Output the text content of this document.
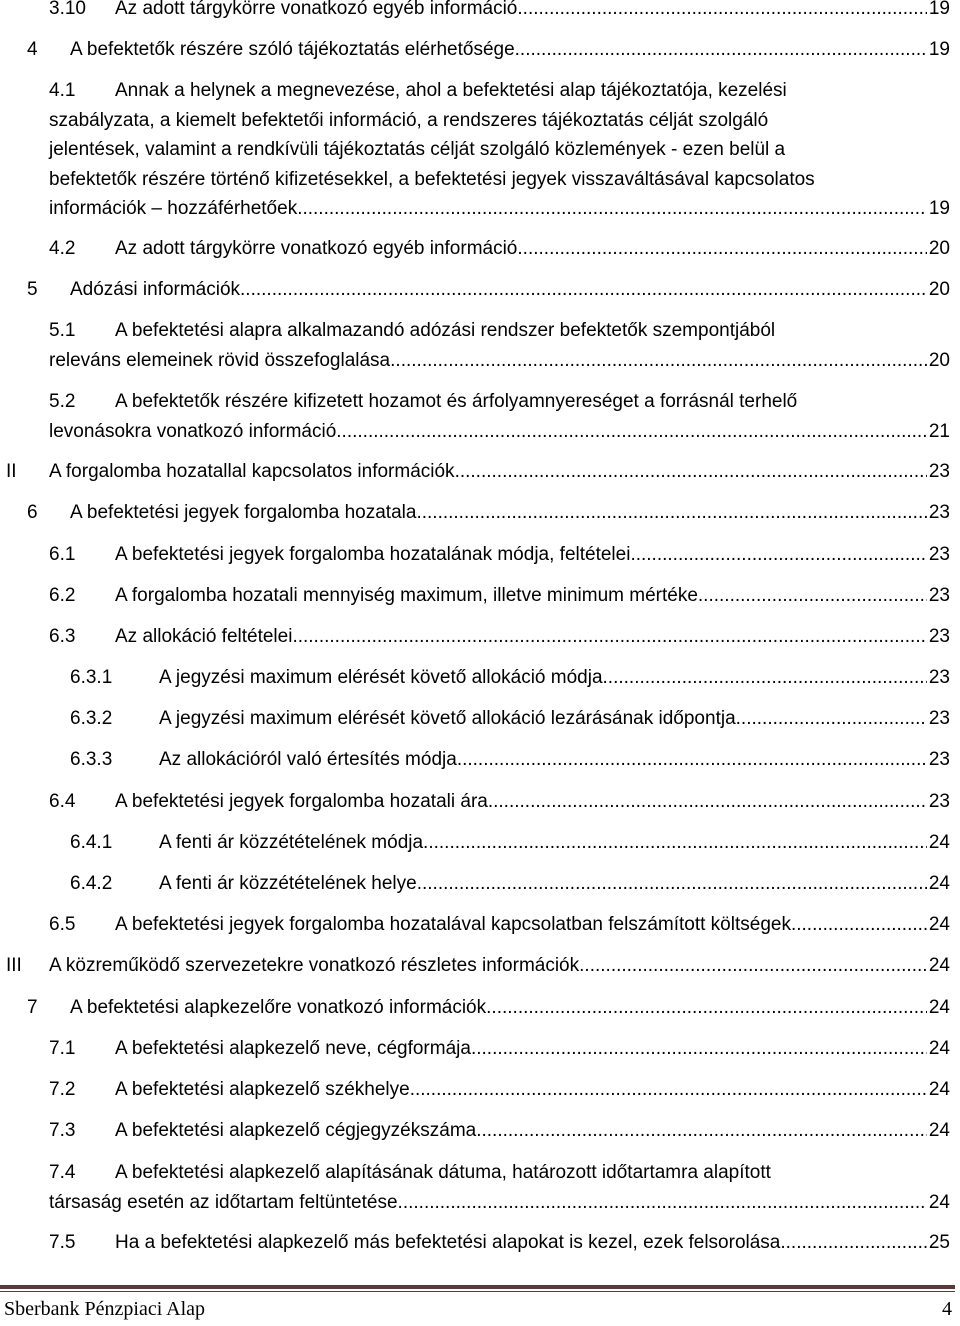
3.10 Az adott tárgykörre vonatkozó egyéb információ .....	19
4 A befektetők részére szóló tájékoztatás elérhetősége .....	19
4.1 Annak a helynek a megnevezése, ahol a befektetési alap tájékoztatója, kezelési
szabályzata, a kiemelt befektetői információ, a rendszeres tájékoztatás célját szolgáló
jelentések, valamint a rendkívüli tájékoztatás célját szolgáló közlemények - ezen belül a
befektetők részére történő kifizetésekkel, a befektetési jegyek visszaváltásával kapcsolatos
információk – hozzáférhetőek .....	19
4.2 Az adott tárgykörre vonatkozó egyéb információ .....	20
5 Adózási információk .....	20
5.1 A befektetési alapra alkalmazandó adózási rendszer befektetők szempontjából
releváns elemeinek rövid összefoglalása .....	20
5.2 A befektetők részére kifizetett hozamot és árfolyamnyereséget a forrásnál terhelő
levonásokra vonatkozó információ .....	21
II A forgalomba hozatallal kapcsolatos információk .....	23
6 A befektetési jegyek forgalomba hozatala .....	23
6.1 A befektetési jegyek forgalomba hozatalának módja, feltételei .....	23
6.2 A forgalomba hozatali mennyiség maximum, illetve minimum mértéke .....	23
6.3 Az allokáció feltételei .....	23
6.3.1 A jegyzési maximum elérését követő allokáció módja .....	23
6.3.2 A jegyzési maximum elérését követő allokáció lezárásának időpontja .....	23
6.3.3 Az allokációról való értesítés módja .....	23
6.4 A befektetési jegyek forgalomba hozatali ára .....	23
6.4.1 A fenti ár közzétételének módja .....	24
6.4.2 A fenti ár közzétételének helye .....	24
6.5 A befektetési jegyek forgalomba hozatalával kapcsolatban felszámított költségek .....	24
III A közreműködő szervezetekre vonatkozó részletes információk .....	24
7 A befektetési alapkezelőre vonatkozó információk .....	24
7.1 A befektetési alapkezelő neve, cégformája .....	24
7.2 A befektetési alapkezelő székhelye .....	24
7.3 A befektetési alapkezelő cégjegyzékszáma .....	24
7.4 A befektetési alapkezelő alapításának dátuma, határozott időtartamra alapított
társaság esetén az időtartam feltüntetése .....	24
7.5 Ha a befektetési alapkezelő más befektetési alapokat is kezel, ezek felsorolása .....	25
Sberbank Pénzpiaci Alap	4
